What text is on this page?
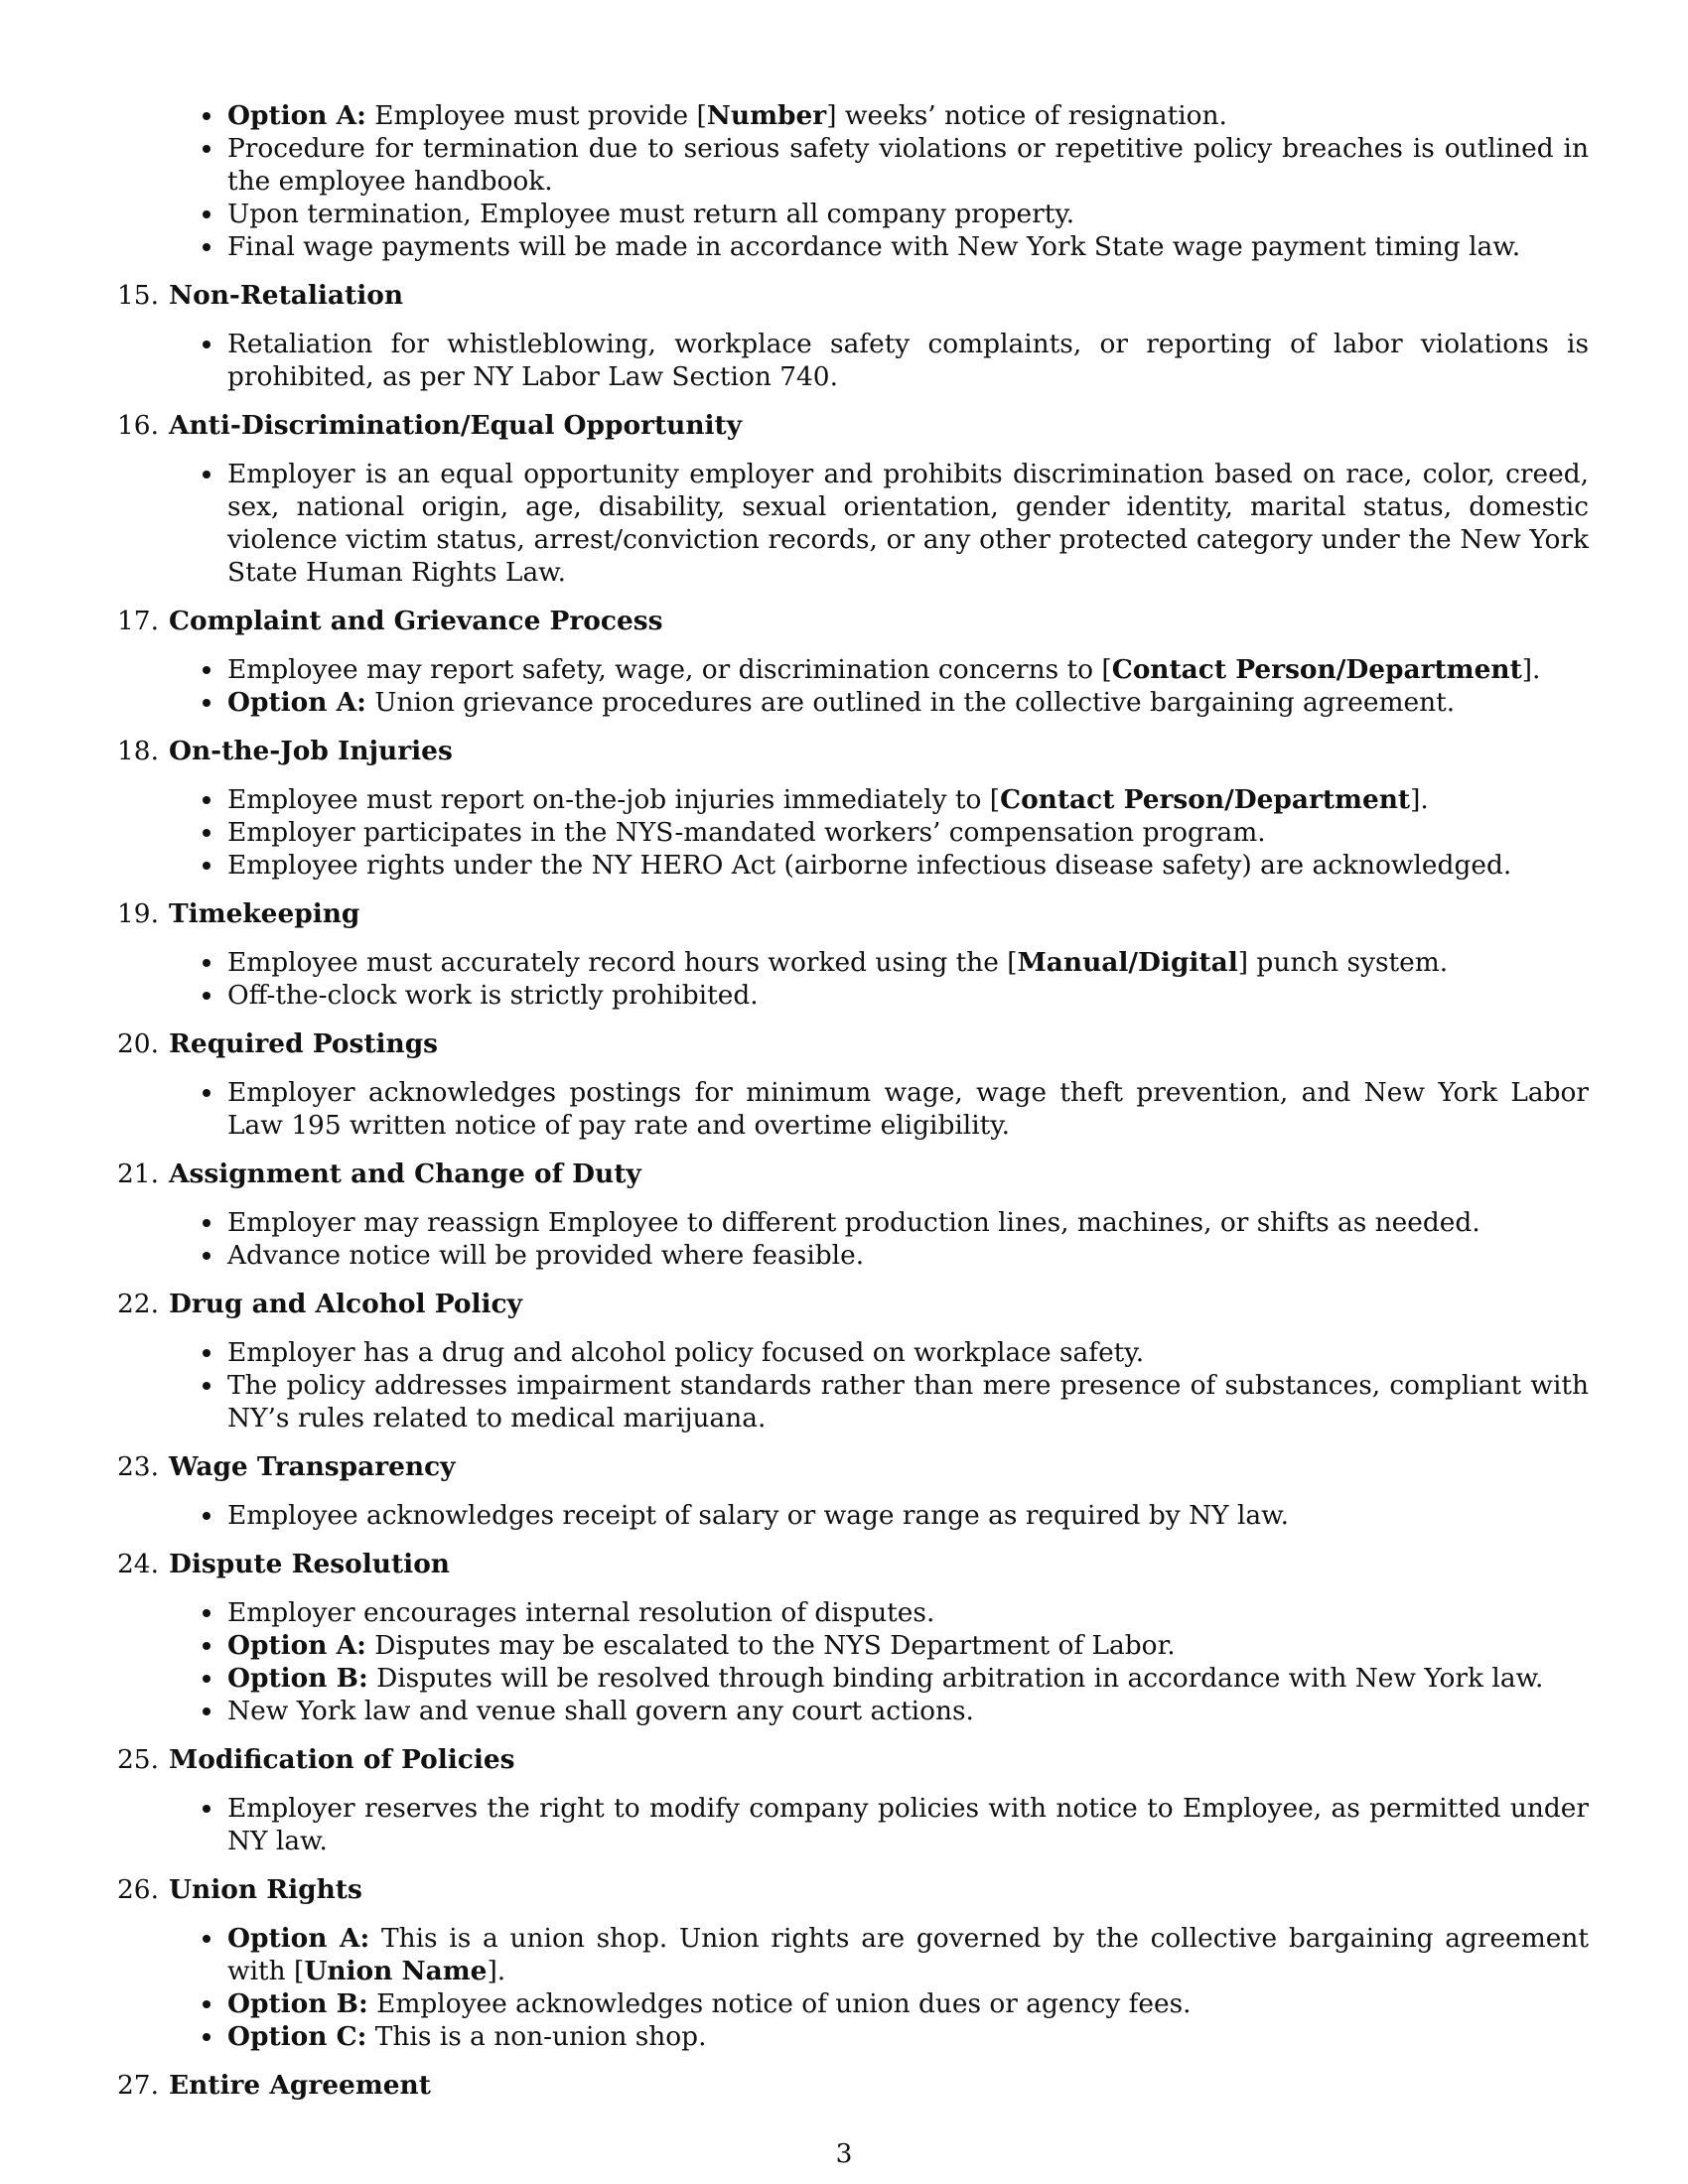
Option A: Employee must provide [Number] weeks’ notice of resignation.
Procedure for termination due to serious safety violations or repetitive policy breaches is outlined in the employee handbook.
Upon termination, Employee must return all company property.
Final wage payments will be made in accordance with New York State wage payment timing law.
15. Non-Retaliation
Retaliation for whistleblowing, workplace safety complaints, or reporting of labor violations is prohibited, as per NY Labor Law Section 740.
16. Anti-Discrimination/Equal Opportunity
Employer is an equal opportunity employer and prohibits discrimination based on race, color, creed, sex, national origin, age, disability, sexual orientation, gender identity, marital status, domestic violence victim status, arrest/conviction records, or any other protected category under the New York State Human Rights Law.
17. Complaint and Grievance Process
Employee may report safety, wage, or discrimination concerns to [Contact Person/Department].
Option A: Union grievance procedures are outlined in the collective bargaining agreement.
18. On-the-Job Injuries
Employee must report on-the-job injuries immediately to [Contact Person/Department].
Employer participates in the NYS-mandated workers’ compensation program.
Employee rights under the NY HERO Act (airborne infectious disease safety) are acknowledged.
19. Timekeeping
Employee must accurately record hours worked using the [Manual/Digital] punch system.
Off-the-clock work is strictly prohibited.
20. Required Postings
Employer acknowledges postings for minimum wage, wage theft prevention, and New York Labor Law 195 written notice of pay rate and overtime eligibility.
21. Assignment and Change of Duty
Employer may reassign Employee to different production lines, machines, or shifts as needed.
Advance notice will be provided where feasible.
22. Drug and Alcohol Policy
Employer has a drug and alcohol policy focused on workplace safety.
The policy addresses impairment standards rather than mere presence of substances, compliant with NY’s rules related to medical marijuana.
23. Wage Transparency
Employee acknowledges receipt of salary or wage range as required by NY law.
24. Dispute Resolution
Employer encourages internal resolution of disputes.
Option A: Disputes may be escalated to the NYS Department of Labor.
Option B: Disputes will be resolved through binding arbitration in accordance with New York law.
New York law and venue shall govern any court actions.
25. Modification of Policies
Employer reserves the right to modify company policies with notice to Employee, as permitted under NY law.
26. Union Rights
Option A: This is a union shop. Union rights are governed by the collective bargaining agreement with [Union Name].
Option B: Employee acknowledges notice of union dues or agency fees.
Option C: This is a non-union shop.
27. Entire Agreement
3
